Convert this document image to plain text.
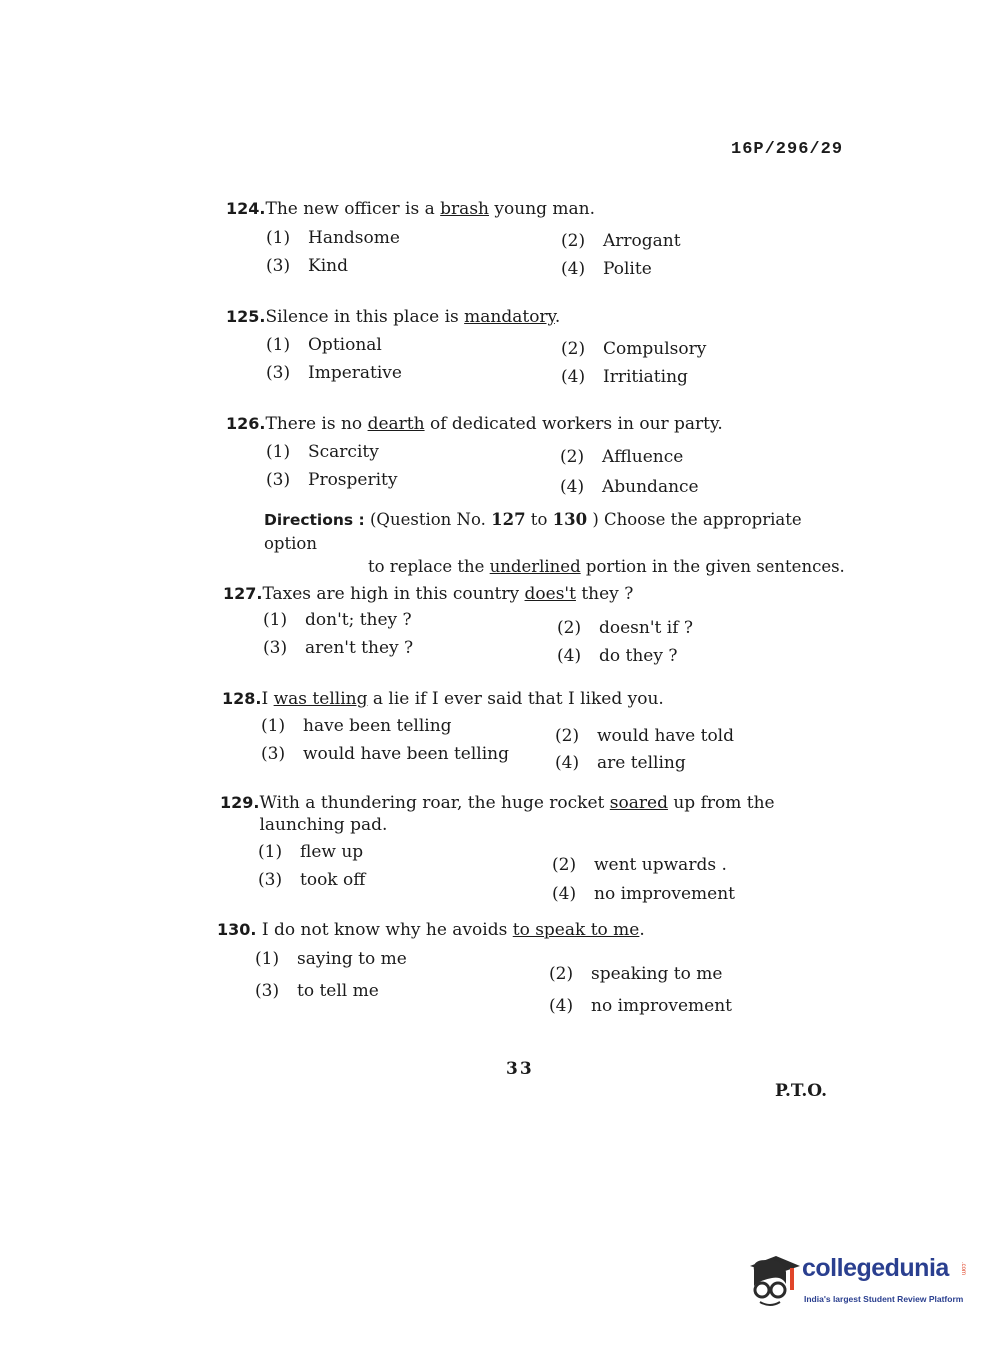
16P/296/29
124.The new officer is a brash young man.
(1) Handsome	(2) Arrogant
(3) Kind	(4) Polite
125.Silence in this place is mandatory.
(1) Optional	(2) Compulsory
(3) Imperative	(4) Irritiating
126.There is no dearth of dedicated workers in our party.
(1) Scarcity	(2) Affluence
(3) Prosperity	(4) Abundance
Directions : (Question No. 127 to 130 ) Choose the appropriate option
to replace the underlined portion in the given sentences.
127.Taxes are high in this country does't they ?
(1) don't; they ?	(2) doesn't if ?
(3) aren't they ?	(4) do they ?
128.I was telling a lie if I ever said that I liked you.
(1) have been telling	(2) would have told
(3) would have been telling	(4) are telling
129.With a thundering roar, the huge rocket soared up from the launching pad.
(1) flew up
(2) went upwards .
(3) took off
(4) no improvement
130. I do not know why he avoids to speak to me.
(1) saying to me
(2) speaking to me
(3) to tell me
(4) no improvement
33
P.T.O.
collegedunia .com
India's largest Student Review Platform
